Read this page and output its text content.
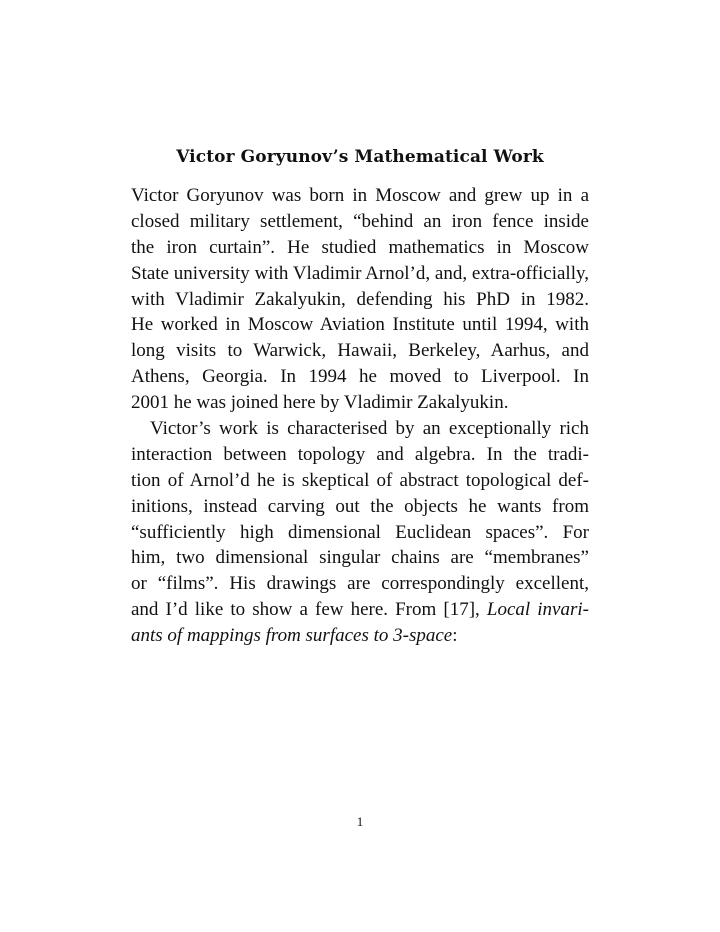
Victor Goryunov’s Mathematical Work
Victor Goryunov was born in Moscow and grew up in a
closed military settlement, “behind an iron fence inside
the iron curtain”. He studied mathematics in Moscow
State university with Vladimir Arnol’d, and, extra-officially,
with Vladimir Zakalyukin, defending his PhD in 1982.
He worked in Moscow Aviation Institute until 1994, with
long visits to Warwick, Hawaii, Berkeley, Aarhus, and
Athens, Georgia. In 1994 he moved to Liverpool. In
2001 he was joined here by Vladimir Zakalyukin.
Victor’s work is characterised by an exceptionally rich
interaction between topology and algebra. In the tradi-
tion of Arnol’d he is skeptical of abstract topological def-
initions, instead carving out the objects he wants from
“sufficiently high dimensional Euclidean spaces”. For
him, two dimensional singular chains are “membranes”
or “films”. His drawings are correspondingly excellent,
and I’d like to show a few here. From [17], Local invari-
ants of mappings from surfaces to 3-space:
1
